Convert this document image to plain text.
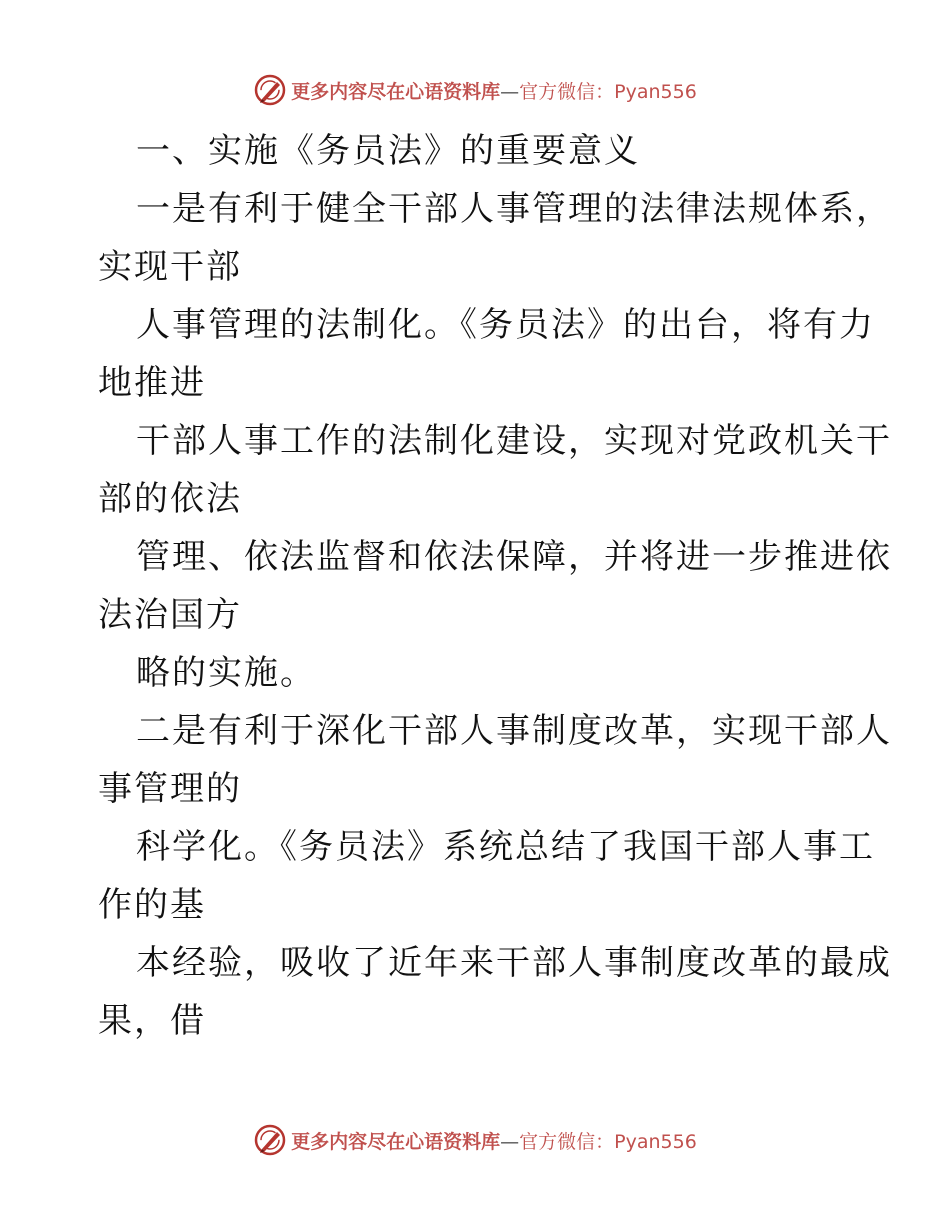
更多内容尽在心语资料库—官方微信：Pyan556
一、实施《务员法》的重要意义
一是有利于健全干部人事管理的法律法规体系，
实现干部
人事管理的法制化。《务员法》的出台，将有力
地推进
干部人事工作的法制化建设，实现对党政机关干
部的依法
管理、依法监督和依法保障，并将进一步推进依
法治国方
略的实施。
二是有利于深化干部人事制度改革，实现干部人
事管理的
科学化。《务员法》系统总结了我国干部人事工
作的基
本经验，吸收了近年来干部人事制度改革的最成
果，借
更多内容尽在心语资料库—官方微信：Pyan556
